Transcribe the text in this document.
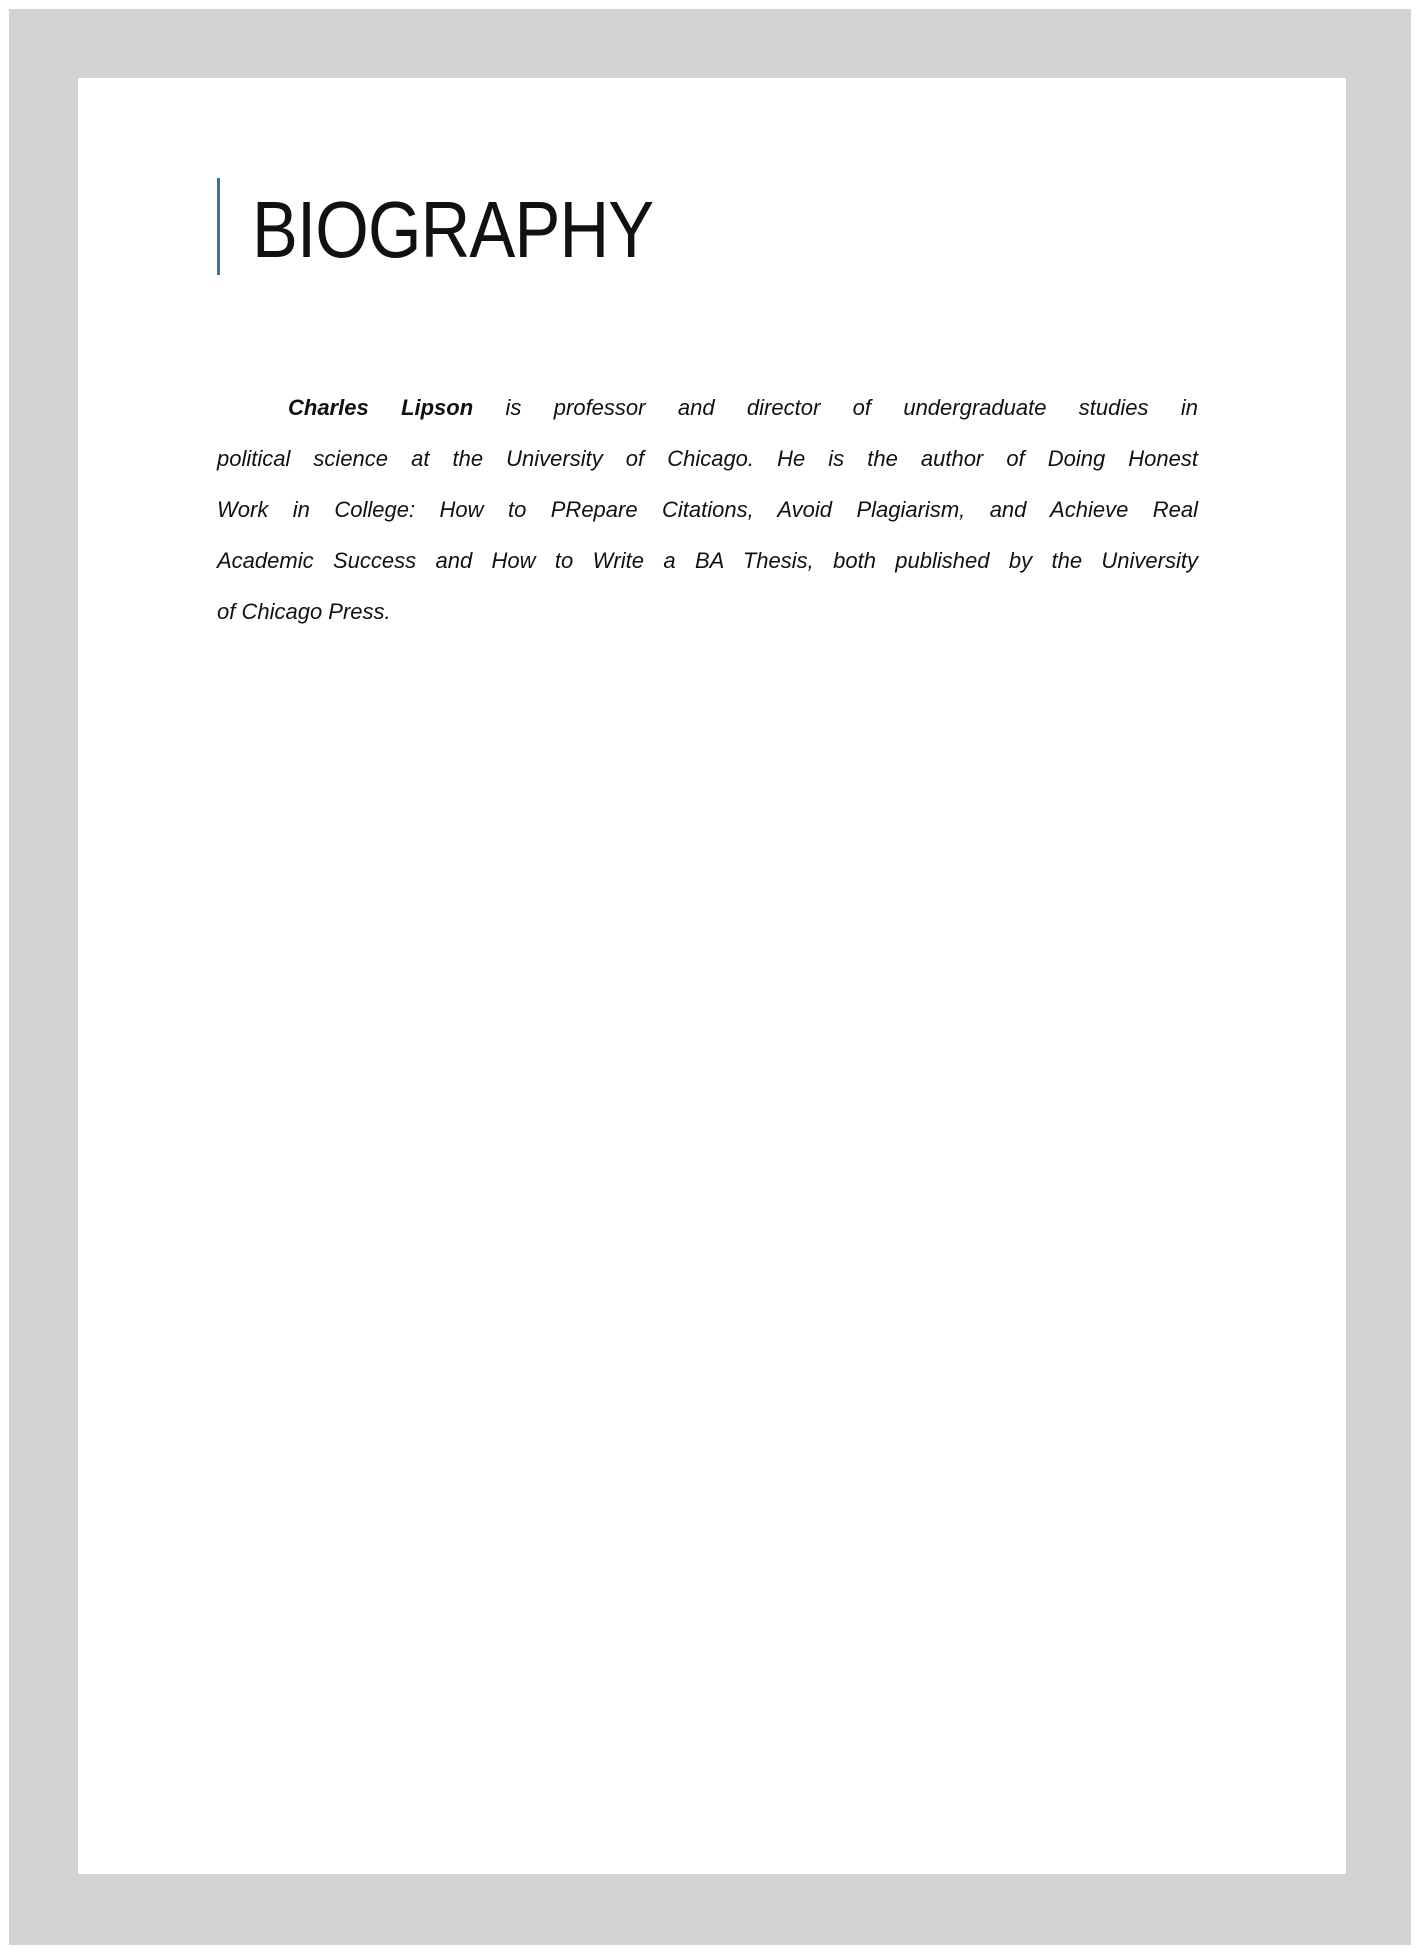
BIOGRAPHY
Charles Lipson is professor and director of undergraduate studies in
political science at the University of Chicago. He is the author of Doing Honest
Work in College: How to PRepare Citations, Avoid Plagiarism, and Achieve Real
Academic Success and How to Write a BA Thesis, both published by the University
of Chicago Press.
